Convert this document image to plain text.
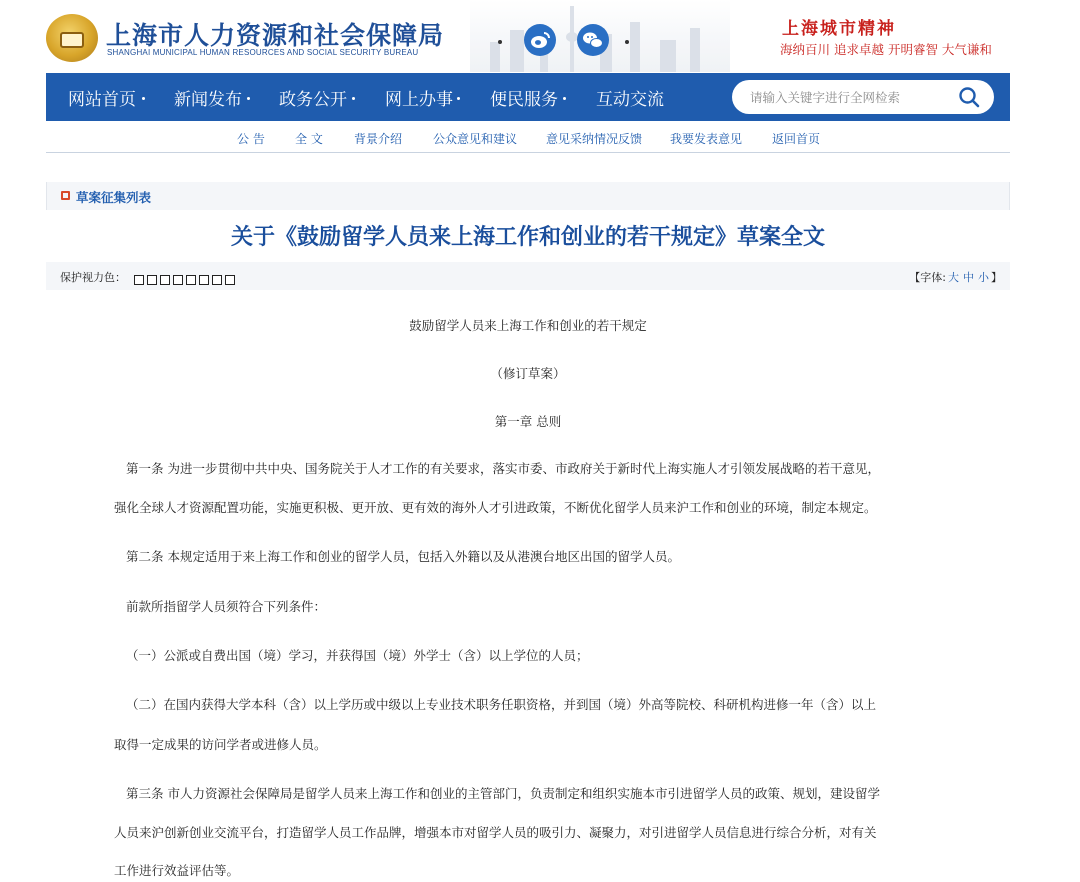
上海市人力资源和社会保障局
SHANGHAI MUNICIPAL HUMAN RESOURCES AND SOCIAL SECURITY BUREAU
上海城市精神
海纳百川 追求卓越 开明睿智 大气谦和
网站首页 新闻发布 政务公开 网上办事 便民服务 互动交流
请输入关键字进行全网检索
公 告	全 文	背景介绍	公众意见和建议 意见采纳情况反馈 我要发表意见 返回首页
草案征集列表
关于《鼓励留学人员来上海工作和创业的若干规定》草案全文
保护视力色：	【字体: 大 中 小 】
鼓励留学人员来上海工作和创业的若干规定
（修订草案）
第一章 总则
第一条 为进一步贯彻中共中央、国务院关于人才工作的有关要求，落实市委、市政府关于新时代上海实施人才引领发展战略的若干意见，
强化全球人才资源配置功能，实施更积极、更开放、更有效的海外人才引进政策，不断优化留学人员来沪工作和创业的环境，制定本规定。
第二条 本规定适用于来上海工作和创业的留学人员，包括入外籍以及从港澳台地区出国的留学人员。
前款所指留学人员须符合下列条件：
（一）公派或自费出国（境）学习，并获得国（境）外学士（含）以上学位的人员；
（二）在国内获得大学本科（含）以上学历或中级以上专业技术职务任职资格，并到国（境）外高等院校、科研机构进修一年（含）以上
取得一定成果的访问学者或进修人员。
第三条 市人力资源社会保障局是留学人员来上海工作和创业的主管部门，负责制定和组织实施本市引进留学人员的政策、规划，建设留学
人员来沪创新创业交流平台，打造留学人员工作品牌，增强本市对留学人员的吸引力、凝聚力，对引进留学人员信息进行综合分析，对有关
工作进行效益评估等。
